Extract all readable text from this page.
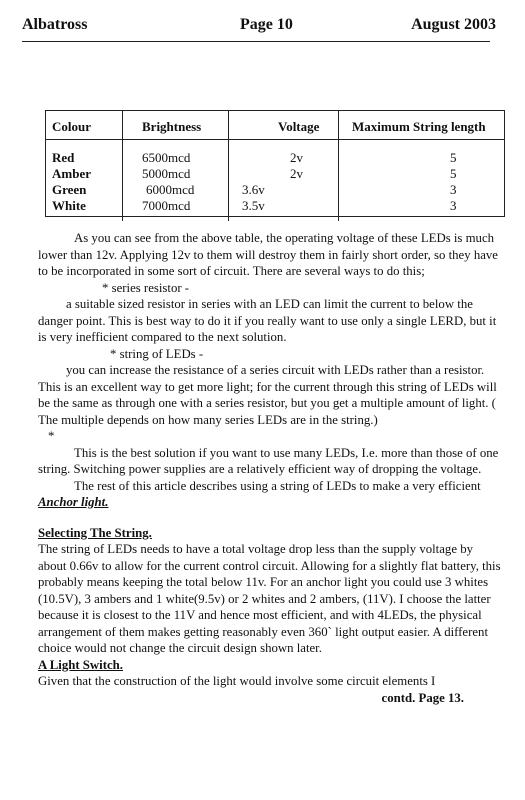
Albatross	Page 10	August 2003
Colour	Brightness	Voltage	Maximum String length
Red	6500mcd	2v	5
Amber	5000mcd	2v	5
Green	6000mcd	3.6v	3
White	7000mcd	3.5v	3

As you can see from the above table, the operating voltage of these LEDs is much lower than 12v. Applying 12v to them will destroy them in fairly short order, so they have to be incorporated in some sort of circuit. There are several ways to do this;

* series resistor -

a suitable sized resistor in series with an LED can limit the current to below the danger point. This is best way to do it if you really want to use only a single LERD, but it is very inefficient compared to the next solution.

* string of LEDs -

you can increase the resistance of a series circuit with LEDs rather than a resistor. This is an excellent way to get more light; for the current through this string of LEDs will be the same as through one with a series resistor, but you get a multiple amount of light. ( The multiple depends on how many series LEDs are in the string.)

*

This is the best solution if you want to use many LEDs, I.e. more than those of one string. Switching power supplies are a relatively efficient way of dropping the voltage.

The rest of this article describes using a string of LEDs to make a very efficient Anchor light.

Selecting The String.

The string of LEDs needs to have a total voltage drop less than the supply voltage by about 0.66v to allow for the current control circuit. Allowing for a slightly flat battery, this probably means keeping the total below 11v. For an anchor light you could use 3 whites (10.5V), 3 ambers and 1 white(9.5v) or 2 whites and 2 ambers, (11V). I choose the latter because it is closest to the 11V and hence most efficient, and with 4LEDs, the physical arrangement of them makes getting reasonably even 360` light output easier. A different choice would not change the circuit design shown later.

A Light Switch.

Given that the construction of the light would involve some circuit elements I

contd. Page 13.
